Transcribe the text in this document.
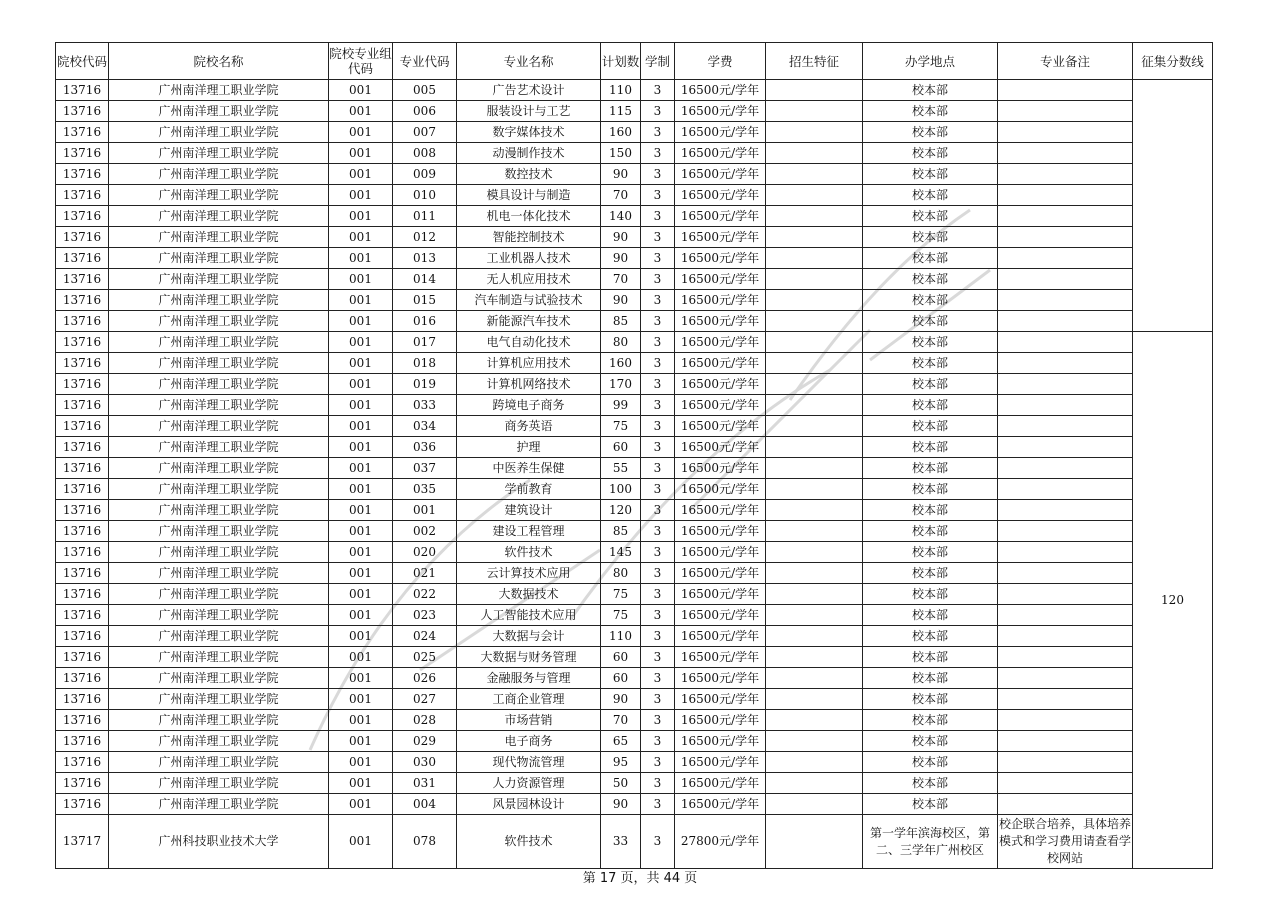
院校代码	院校名称	院校专业组代码	专业代码	专业名称	计划数	学制	学费	招生特征	办学地点	专业备注	征集分数线
13716	广州南洋理工职业学院	001	005	广告艺术设计	110	3	16500元/学年		校本部		
13716	广州南洋理工职业学院	001	006	服装设计与工艺	115	3	16500元/学年		校本部		
13716	广州南洋理工职业学院	001	007	数字媒体技术	160	3	16500元/学年		校本部		
13716	广州南洋理工职业学院	001	008	动漫制作技术	150	3	16500元/学年		校本部		
13716	广州南洋理工职业学院	001	009	数控技术	90	3	16500元/学年		校本部		
13716	广州南洋理工职业学院	001	010	模具设计与制造	70	3	16500元/学年		校本部		
13716	广州南洋理工职业学院	001	011	机电一体化技术	140	3	16500元/学年		校本部		
13716	广州南洋理工职业学院	001	012	智能控制技术	90	3	16500元/学年		校本部		
13716	广州南洋理工职业学院	001	013	工业机器人技术	90	3	16500元/学年		校本部		
13716	广州南洋理工职业学院	001	014	无人机应用技术	70	3	16500元/学年		校本部		
13716	广州南洋理工职业学院	001	015	汽车制造与试验技术	90	3	16500元/学年		校本部		
13716	广州南洋理工职业学院	001	016	新能源汽车技术	85	3	16500元/学年		校本部		
13716	广州南洋理工职业学院	001	017	电气自动化技术	80	3	16500元/学年		校本部		120
13716	广州南洋理工职业学院	001	018	计算机应用技术	160	3	16500元/学年		校本部		
13716	广州南洋理工职业学院	001	019	计算机网络技术	170	3	16500元/学年		校本部		
13716	广州南洋理工职业学院	001	033	跨境电子商务	99	3	16500元/学年		校本部		
13716	广州南洋理工职业学院	001	034	商务英语	75	3	16500元/学年		校本部		
13716	广州南洋理工职业学院	001	036	护理	60	3	16500元/学年		校本部		
13716	广州南洋理工职业学院	001	037	中医养生保健	55	3	16500元/学年		校本部		
13716	广州南洋理工职业学院	001	035	学前教育	100	3	16500元/学年		校本部		
13716	广州南洋理工职业学院	001	001	建筑设计	120	3	16500元/学年		校本部		
13716	广州南洋理工职业学院	001	002	建设工程管理	85	3	16500元/学年		校本部		
13716	广州南洋理工职业学院	001	020	软件技术	145	3	16500元/学年		校本部		
13716	广州南洋理工职业学院	001	021	云计算技术应用	80	3	16500元/学年		校本部		
13716	广州南洋理工职业学院	001	022	大数据技术	75	3	16500元/学年		校本部		
13716	广州南洋理工职业学院	001	023	人工智能技术应用	75	3	16500元/学年		校本部		
13716	广州南洋理工职业学院	001	024	大数据与会计	110	3	16500元/学年		校本部		
13716	广州南洋理工职业学院	001	025	大数据与财务管理	60	3	16500元/学年		校本部		
13716	广州南洋理工职业学院	001	026	金融服务与管理	60	3	16500元/学年		校本部		
13716	广州南洋理工职业学院	001	027	工商企业管理	90	3	16500元/学年		校本部		
13716	广州南洋理工职业学院	001	028	市场营销	70	3	16500元/学年		校本部		
13716	广州南洋理工职业学院	001	029	电子商务	65	3	16500元/学年		校本部		
13716	广州南洋理工职业学院	001	030	现代物流管理	95	3	16500元/学年		校本部		
13716	广州南洋理工职业学院	001	031	人力资源管理	50	3	16500元/学年		校本部		
13716	广州南洋理工职业学院	001	004	风景园林设计	90	3	16500元/学年		校本部		
13717	广州科技职业技术大学	001	078	软件技术	33	3	27800元/学年		第一学年滨海校区，第二、三学年广州校区	校企联合培养，具体培养模式和学习费用请查看学校网站	
第 17 页，共 44 页
